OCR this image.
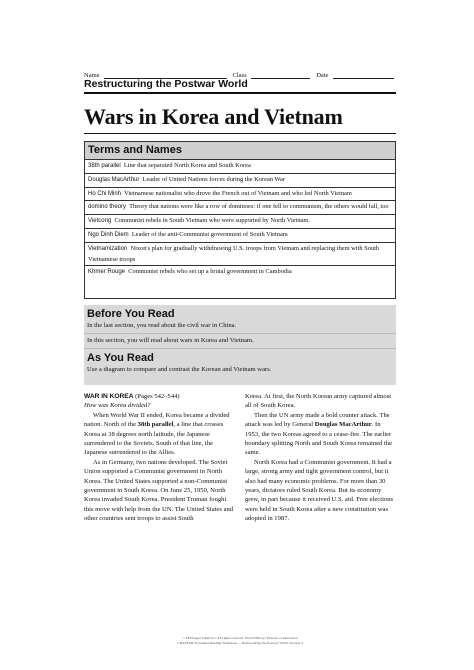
Name	Class	Date
Restructuring the Postwar World
Wars in Korea and Vietnam
Terms and Names
38th parallel Line that separated North Korea and South Korea
Douglas MacArthur Leader of United Nations forces during the Korean War
Ho Chi Minh Vietnamese nationalist who drove the French out of Vietnam and who led North Vietnam
domino theory Theory that nations were like a row of dominoes: if one fell to communism, the others would fall, too
Vietcong Communist rebels in South Vietnam who were supported by North Vietnam.
Ngo Dinh Diem Leader of the anti-Communist government of South Vietnam
Vietnamization Nixon's plan for gradually withdrawing U.S. troops from Vietnam and replacing them with South Vietnamese troops
Khmer Rouge Communist rebels who set up a brutal government in Cambodia
Before You Read
In the last section, you read about the civil war in China.
In this section, you will read about wars in Korea and Vietnam.
As You Read
Use a diagram to compare and contrast the Korean and Vietnam wars.

WAR IN KOREA (Pages 542–544)

How was Korea divided?

When World War II ended, Korea became a divided nation. North of the 38th parallel, a line that crosses Korea at 38 degrees north latitude, the Japanese surrendered to the Soviets. South of that line, the Japanese surrendered to the Allies.

As in Germany, two nations developed. The Soviet Union supported a Communist government in North Korea. The United States supported a non-Communist government in South Korea. On June 25, 1950, North Korea invaded South Korea. President Truman fought this move with help from the UN. The United States and other countries sent troops to assist South

Korea. At first, the North Korean army captured almost all of South Korea.

Then the UN army made a bold counter attack. The attack was led by General Douglas MacArthur. In 1953, the two Koreas agreed to a cease-fire. The earlier boundary splitting North and South Korea remained the same.

North Korea had a Communist government. It had a large, strong army and tight government control, but it also had many economic problems. For more than 30 years, dictators ruled South Korea. But its economy grew, in part because it received U.S. aid. Free elections were held in South Korea after a new constitution was adopted in 1987.

© McDougal Littell Inc. All rights reserved. World History: Patterns of Interaction
CHAPTER 33 Guided Reading Workbook — Restructuring the Postwar World, Section 3
